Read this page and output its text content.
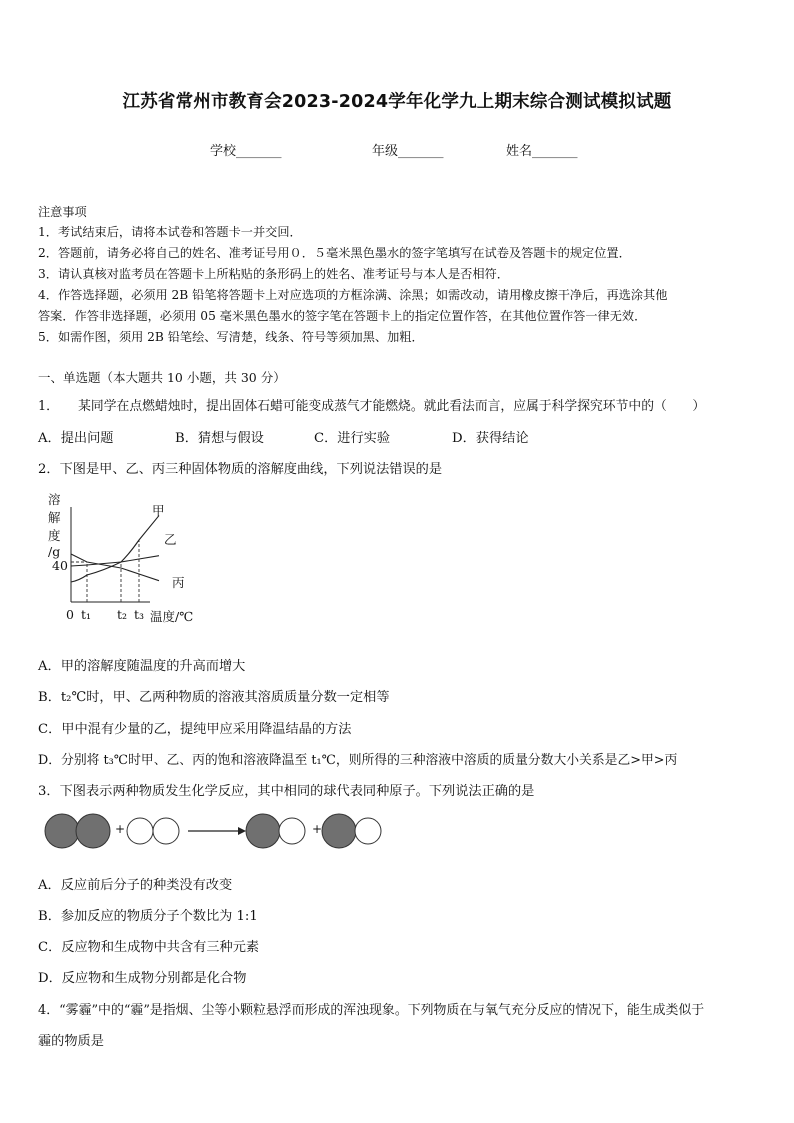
江苏省常州市教育会2023-2024学年化学九上期末综合测试模拟试题
学校_______	年级_______	姓名_______
注意事项
1．考试结束后，请将本试卷和答题卡一并交回．
2．答题前，请务必将自己的姓名、准考证号用０．５毫米黑色墨水的签字笔填写在试卷及答题卡的规定位置．
3．请认真核对监考员在答题卡上所粘贴的条形码上的姓名、准考证号与本人是否相符．
4．作答选择题，必须用 2B 铅笔将答题卡上对应选项的方框涂满、涂黑；如需改动，请用橡皮擦干净后，再选涂其他
答案．作答非选择题，必须用 05 毫米黑色墨水的签字笔在答题卡上的指定位置作答，在其他位置作答一律无效．
5．如需作图，须用 2B 铅笔绘、写清楚，线条、符号等须加黑、加粗．
一、单选题（本大题共 10 小题，共 30 分）
1．　　某同学在点燃蜡烛时，提出固体石蜡可能变成蒸气才能燃烧。就此看法而言，应属于科学探究环节中的（　　）
A．提出问题	B．猜想与假设	C．进行实验	D．获得结论
2．下图是甲、乙、丙三种固体物质的溶解度曲线，下列说法错误的是
溶
解
度
/g
40
0 t₁ t₂ t₃ 温度/℃
甲
乙
丙
A．甲的溶解度随温度的升高而增大
B．t₂℃时，甲、乙两种物质的溶液其溶质质量分数一定相等
C．甲中混有少量的乙，提纯甲应采用降温结晶的方法
D．分别将 t₃℃时甲、乙、丙的饱和溶液降温至 t₁℃，则所得的三种溶液中溶质的质量分数大小关系是乙>甲>丙
3．下图表示两种物质发生化学反应，其中相同的球代表同种原子。下列说法正确的是
+	+
A．反应前后分子的种类没有改变
B．参加反应的物质分子个数比为 1:1
C．反应物和生成物中共含有三种元素
D．反应物和生成物分别都是化合物
4．“雾霾”中的“霾”是指烟、尘等小颗粒悬浮而形成的浑浊现象。下列物质在与氧气充分反应的情况下，能生成类似于
霾的物质是
